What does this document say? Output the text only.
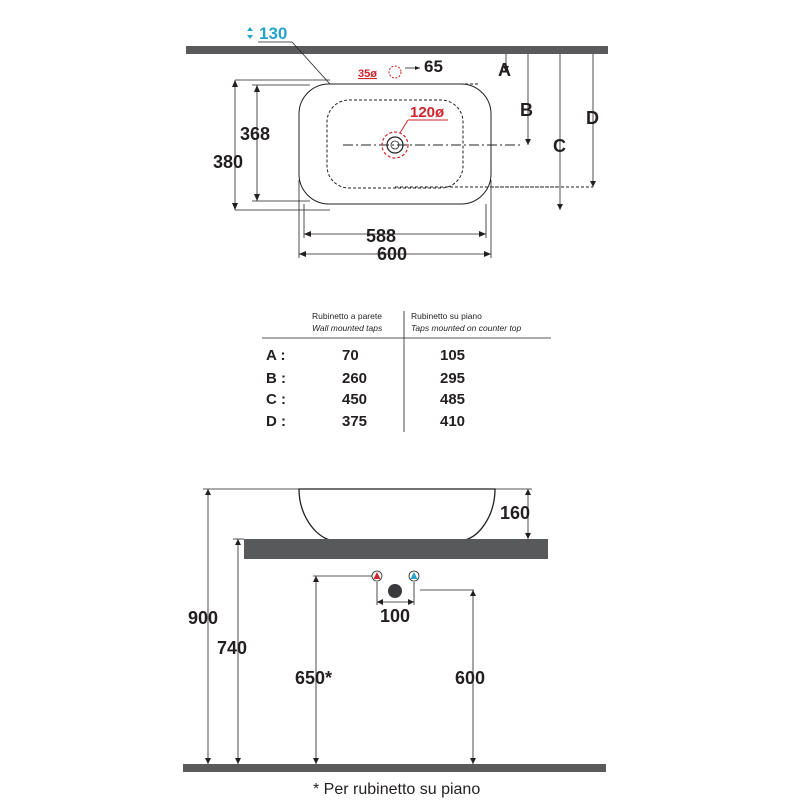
130
35ø	65
120ø
368
380
588
600
A
B
C
D
Rubinetto a parete
Wall mounted taps
Rubinetto su piano
Taps mounted on counter top
A :	70	105
B :	260	295
C :	450	485
D :	375	410
160
900
740
100
650*	600
* Per rubinetto su piano
